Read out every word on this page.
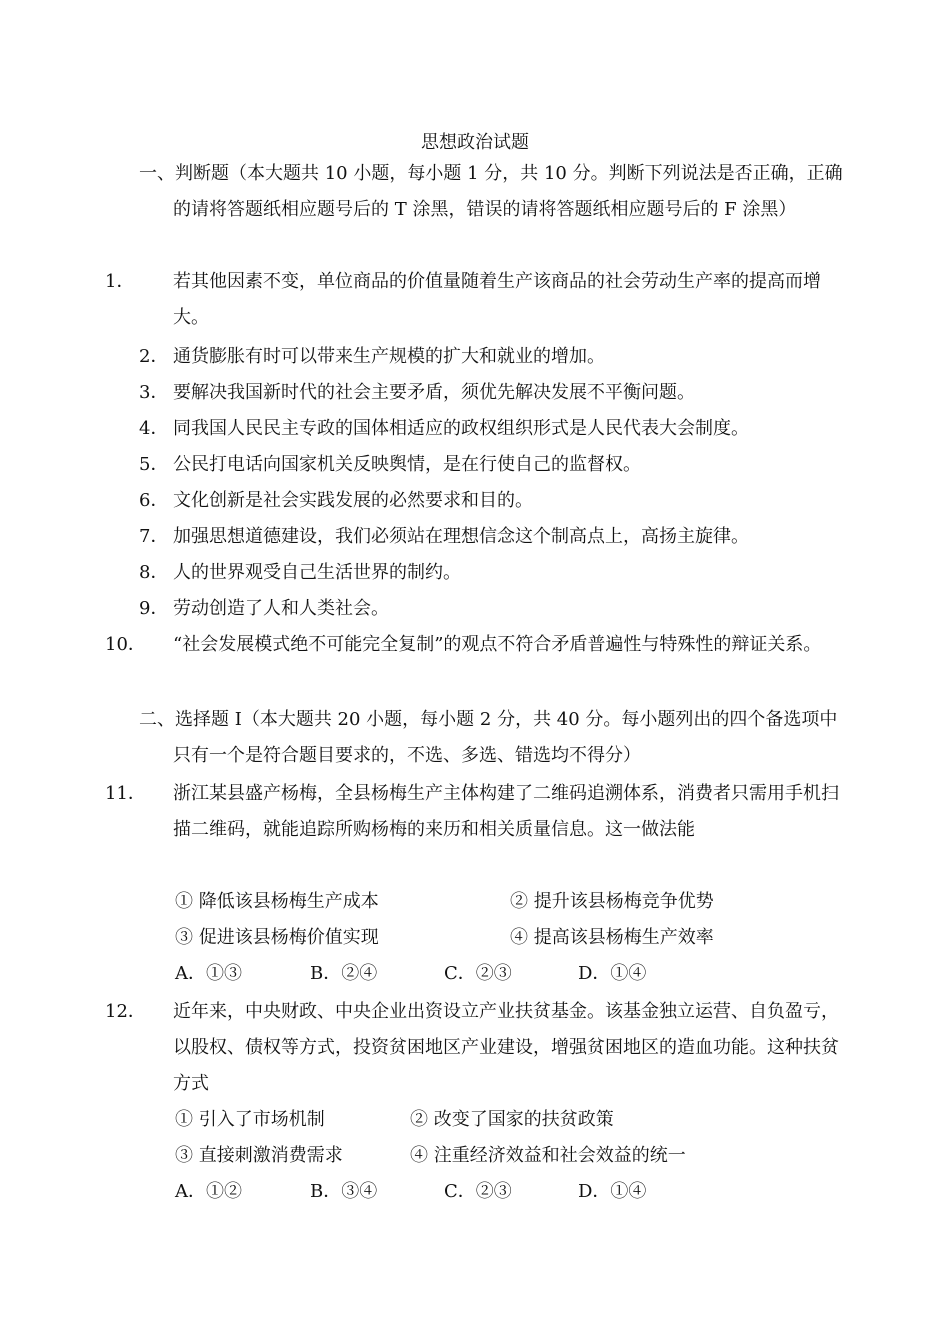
思想政治试题
一、判断题（本大题共 10 小题，每小题 1 分，共 10 分。判断下列说法是否正确，正确的请将答题纸相应题号后的 T 涂黑，错误的请将答题纸相应题号后的 F 涂黑）
1． 若其他因素不变，单位商品的价值量随着生产该商品的社会劳动生产率的提高而增大。
2． 通货膨胀有时可以带来生产规模的扩大和就业的增加。
3． 要解决我国新时代的社会主要矛盾，须优先解决发展不平衡问题。
4． 同我国人民民主专政的国体相适应的政权组织形式是人民代表大会制度。
5． 公民打电话向国家机关反映舆情，是在行使自己的监督权。
6． 文化创新是社会实践发展的必然要求和目的。
7． 加强思想道德建设，我们必须站在理想信念这个制高点上，高扬主旋律。
8． 人的世界观受自己生活世界的制约。
9． 劳动创造了人和人类社会。
10． “社会发展模式绝不可能完全复制”的观点不符合矛盾普遍性与特殊性的辩证关系。
二、选择题 I（本大题共 20 小题，每小题 2 分，共 40 分。每小题列出的四个备选项中只有一个是符合题目要求的，不选、多选、错选均不得分）
11． 浙江某县盛产杨梅，全县杨梅生产主体构建了二维码追溯体系，消费者只需用手机扫描二维码，就能追踪所购杨梅的来历和相关质量信息。这一做法能
① 降低该县杨梅生产成本	② 提升该县杨梅竞争优势
③ 促进该县杨梅价值实现	④ 提高该县杨梅生产效率
A．①③	B．②④	C．②③	D．①④
12． 近年来，中央财政、中央企业出资设立产业扶贫基金。该基金独立运营、自负盈亏，以股权、债权等方式，投资贫困地区产业建设，增强贫困地区的造血功能。这种扶贫方式
① 引入了市场机制	② 改变了国家的扶贫政策
③ 直接刺激消费需求	④ 注重经济效益和社会效益的统一
A．①②	B．③④	C．②③	D．①④
